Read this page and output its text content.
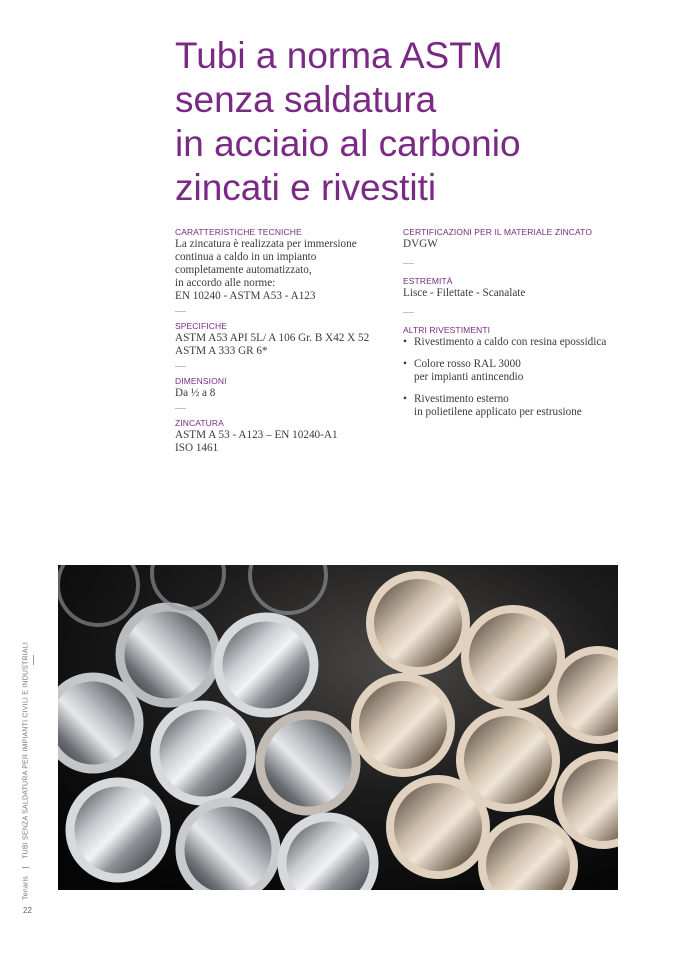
Tubi a norma ASTM
senza saldatura
in acciaio al carbonio
zincati e rivestiti

CARATTERISTICHE TECNICHE

La zincatura è realizzata per immersione
continua a caldo in un impianto
completamente automatizzato,
in accordo alle norme:
EN 10240 - ASTM A53 - A123

—

SPECIFICHE

ASTM A53 API 5L/ A 106 Gr. B X42 X 52
ASTM A 333 GR 6*

—

DIMENSIONI

Da ½ a 8

—

ZINCATURA

ASTM A 53 - A123 – EN 10240-A1
ISO 1461

CERTIFICAZIONI PER IL MATERIALE ZINCATO

DVGW

—

ESTREMITÀ

Lisce - Filettate - Scanalate

—

ALTRI RIVESTIMENTI

• Rivestimento a caldo con resina epossidica
• Colore rosso RAL 3000
per impianti antincendio
• Rivestimento esterno
in polietilene applicato per estrusione
Tenaris  TUBI SENZA SALDATURA PER IMPIANTI CIVILI E INDUSTRIALI
22
